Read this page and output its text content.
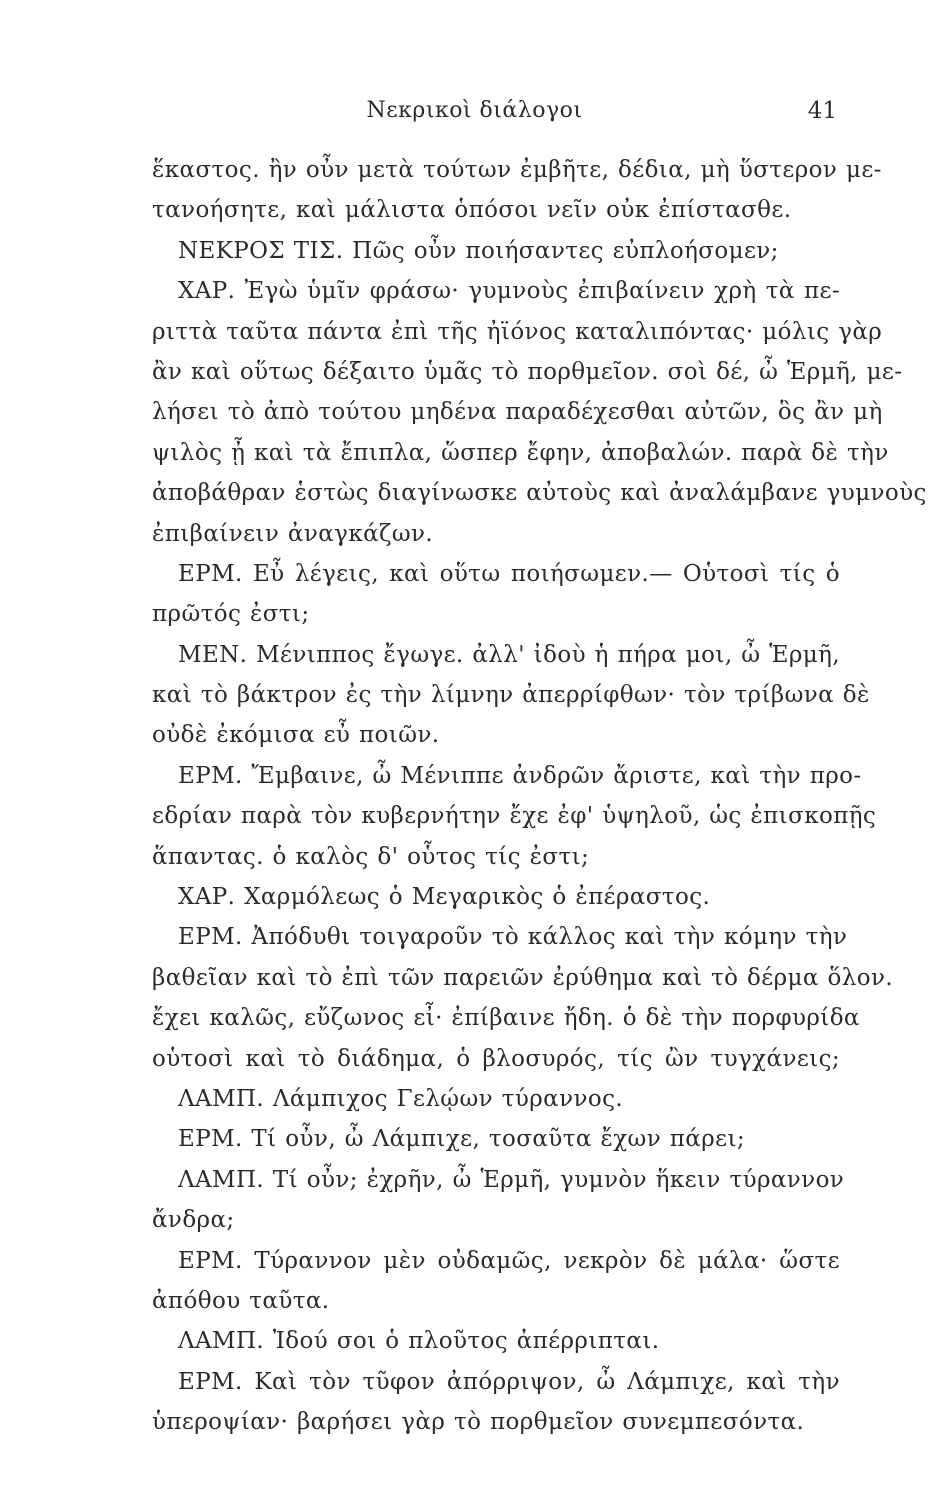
Νεκρικοὶ διάλογοι	41
ἕκαστος. ἢν οὖν μετὰ τούτων ἐμβῆτε, δέδια, μὴ ὕστερον με-
τανοήσητε, καὶ μάλιστα ὁπόσοι νεῖν οὐκ ἐπίστασθε.
ΝΕΚΡΟΣ ΤΙΣ. Πῶς οὖν ποιήσαντες εὐπλοήσομεν;
ΧΑΡ. Ἐγὼ ὑμῖν φράσω· γυμνοὺς ἐπιβαίνειν χρὴ τὰ πε-
ριττὰ ταῦτα πάντα ἐπὶ τῆς ἠϊόνος καταλιπόντας· μόλις γὰρ
ἂν καὶ οὕτως δέξαιτο ὑμᾶς τὸ πορθμεῖον. σοὶ δέ, ὦ Ἑρμῆ, με-
λήσει τὸ ἀπὸ τούτου μηδένα παραδέχεσθαι αὐτῶν, ὃς ἂν μὴ
ψιλὸς ᾖ καὶ τὰ ἔπιπλα, ὥσπερ ἔφην, ἀποβαλών. παρὰ δὲ τὴν
ἀποβάθραν ἑστὼς διαγίνωσκε αὐτοὺς καὶ ἀναλάμβανε γυμνοὺς
ἐπιβαίνειν ἀναγκάζων.
ΕΡΜ. Εὖ λέγεις, καὶ οὕτω ποιήσωμεν.— Οὑτοσὶ τίς ὁ
πρῶτός ἐστι;
ΜΕΝ. Μένιππος ἔγωγε. ἀλλ' ἰδοὺ ἡ πήρα μοι, ὦ Ἑρμῆ,
καὶ τὸ βάκτρον ἐς τὴν λίμνην ἀπερρίφθων· τὸν τρίβωνα δὲ
οὐδὲ ἐκόμισα εὖ ποιῶν.
ΕΡΜ. Ἔμβαινε, ὦ Μένιππε ἀνδρῶν ἄριστε, καὶ τὴν προ-
εδρίαν παρὰ τὸν κυβερνήτην ἔχε ἐφ' ὑψηλοῦ, ὡς ἐπισκοπῇς
ἅπαντας. ὁ καλὸς δ' οὗτος τίς ἐστι;
ΧΑΡ. Χαρμόλεως ὁ Μεγαρικὸς ὁ ἐπέραστος.
ΕΡΜ. Ἀπόδυθι τοιγαροῦν τὸ κάλλος καὶ τὴν κόμην τὴν
βαθεῖαν καὶ τὸ ἐπὶ τῶν παρειῶν ἐρύθημα καὶ τὸ δέρμα ὅλον.
ἔχει καλῶς, εὔζωνος εἶ· ἐπίβαινε ἤδη. ὁ δὲ τὴν πορφυρίδα
οὑτοσὶ καὶ τὸ διάδημα, ὁ βλοσυρός, τίς ὢν τυγχάνεις;
ΛΑΜΠ. Λάμπιχος Γελῴων τύραννος.
ΕΡΜ. Τί οὖν, ὦ Λάμπιχε, τοσαῦτα ἔχων πάρει;
ΛΑΜΠ. Τί οὖν; ἐχρῆν, ὦ Ἑρμῆ, γυμνὸν ἥκειν τύραννον
ἄνδρα;
ΕΡΜ. Τύραννον μὲν οὐδαμῶς, νεκρὸν δὲ μάλα· ὥστε
ἀπόθου ταῦτα.
ΛΑΜΠ. Ἰδού σοι ὁ πλοῦτος ἀπέρριπται.
ΕΡΜ. Καὶ τὸν τῦφον ἀπόρριψον, ὦ Λάμπιχε, καὶ τὴν
ὑπεροψίαν· βαρήσει γὰρ τὸ πορθμεῖον συνεμπεσόντα.
